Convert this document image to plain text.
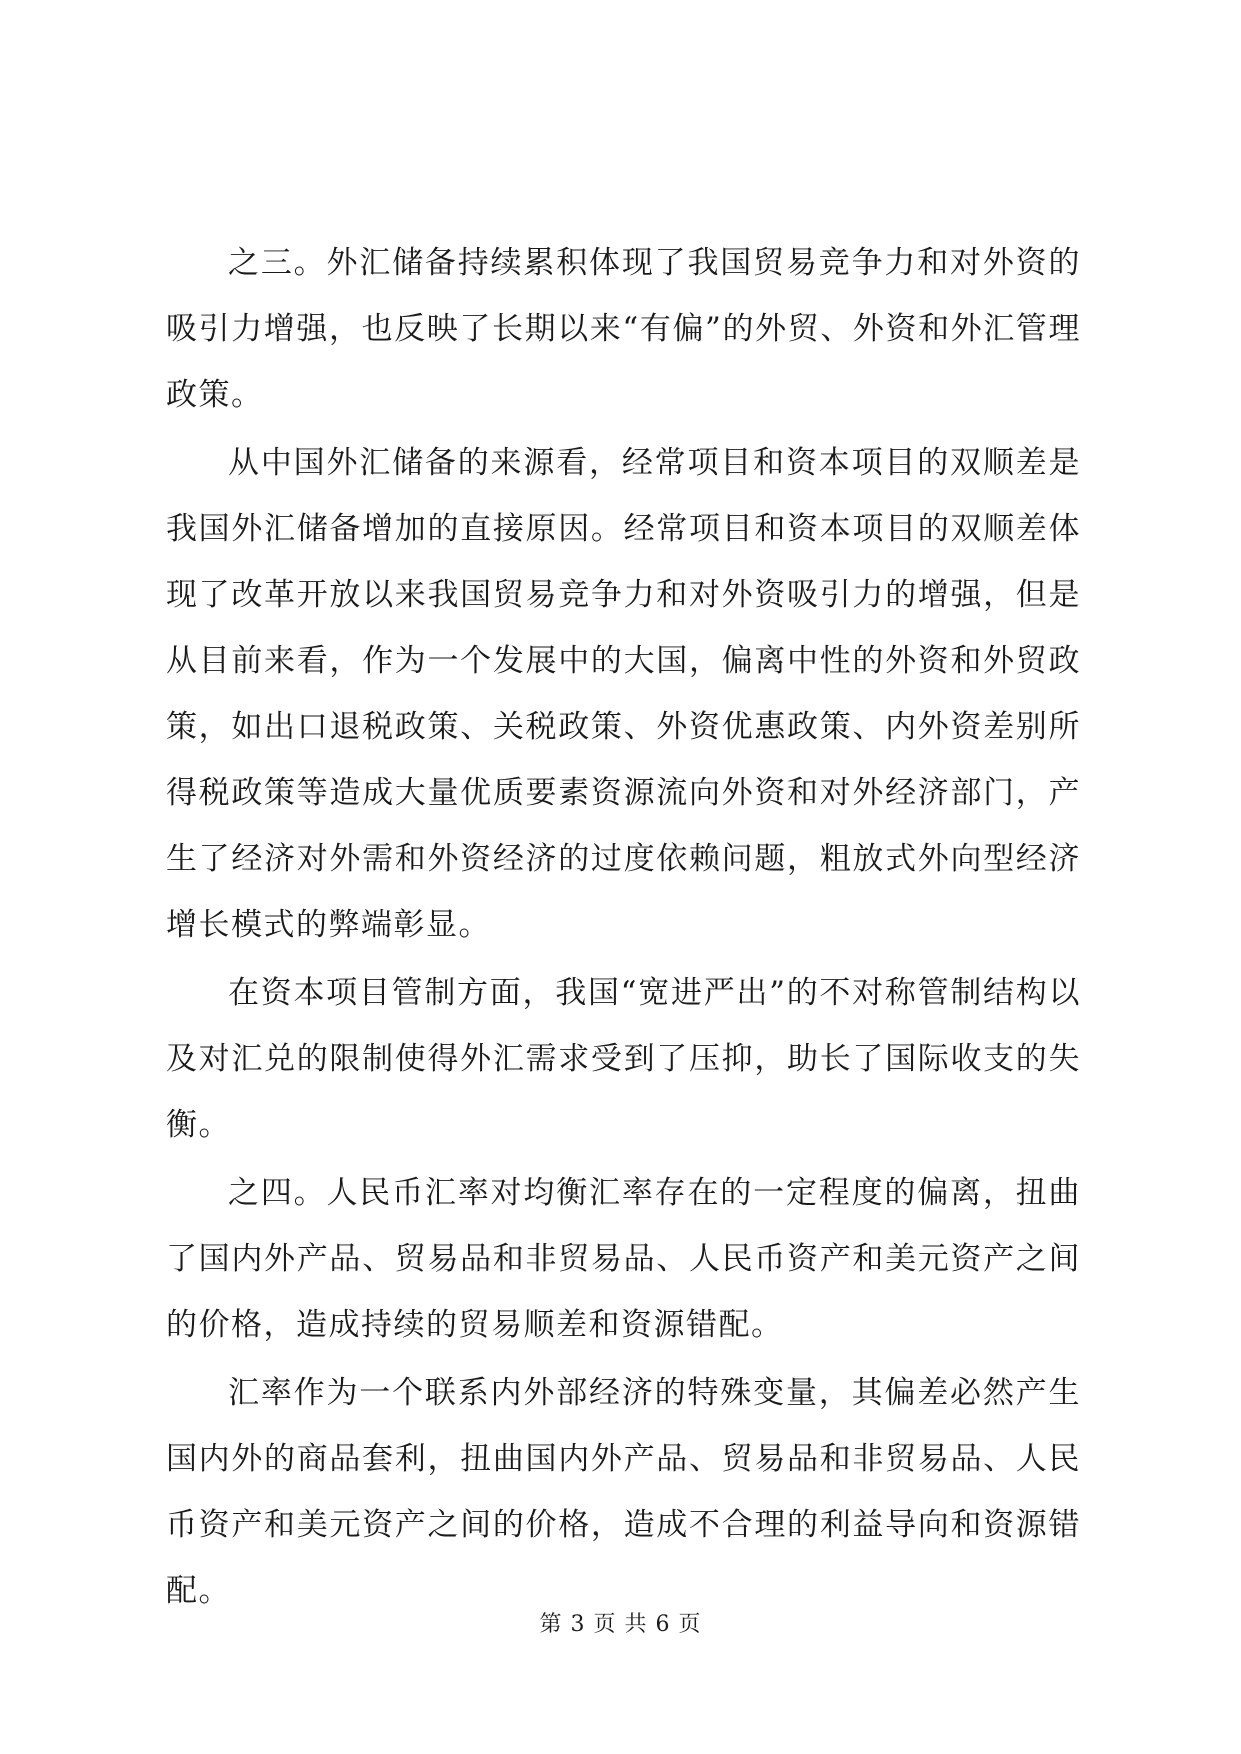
之三。外汇储备持续累积体现了我国贸易竞争力和对外资的吸引力增强，也反映了长期以来“有偏”的外贸、外资和外汇管理政策。

从中国外汇储备的来源看，经常项目和资本项目的双顺差是我国外汇储备增加的直接原因。经常项目和资本项目的双顺差体现了改革开放以来我国贸易竞争力和对外资吸引力的增强，但是从目前来看，作为一个发展中的大国，偏离中性的外资和外贸政策，如出口退税政策、关税政策、外资优惠政策、内外资差别所得税政策等造成大量优质要素资源流向外资和对外经济部门，产生了经济对外需和外资经济的过度依赖问题，粗放式外向型经济增长模式的弊端彰显。

在资本项目管制方面，我国“宽进严出”的不对称管制结构以及对汇兑的限制使得外汇需求受到了压抑，助长了国际收支的失衡。

之四。人民币汇率对均衡汇率存在的一定程度的偏离，扭曲了国内外产品、贸易品和非贸易品、人民币资产和美元资产之间的价格，造成持续的贸易顺差和资源错配。

汇率作为一个联系内外部经济的特殊变量，其偏差必然产生国内外的商品套利，扭曲国内外产品、贸易品和非贸易品、人民币资产和美元资产之间的价格，造成不合理的利益导向和资源错配。

第 3 页 共 6 页
